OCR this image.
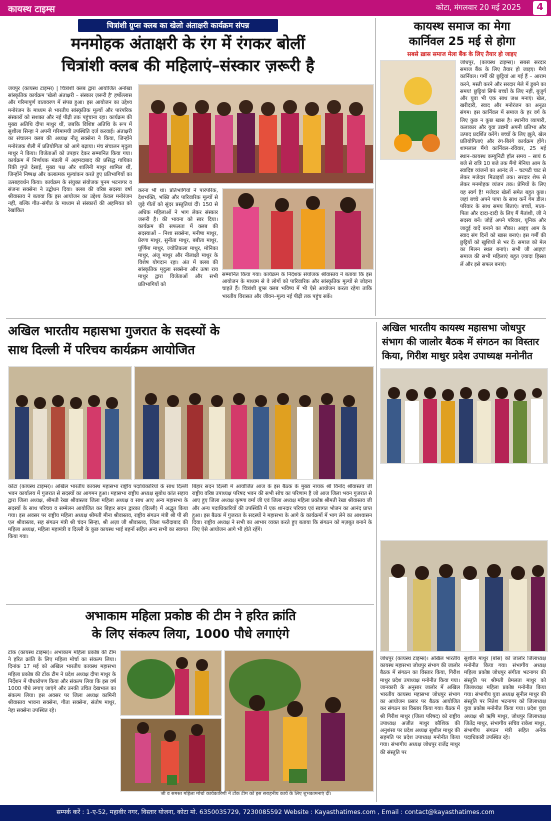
कायस्थ टाइम्स	कोटा, मंगलवार 20 मई 2025	4
चित्रांशी ग्रुप्स क्लब का खेलो अंताक्षरी कार्यक्रम संपन्न
मनमोहक अंताक्षरी के रंग में रंगकर बोलीं
चित्रांशी क्लब की महिलाएं–संस्कार ज़रूरी है
जयपुर (कायस्थ टाइम्स) | चित्रांशी क्लब द्वारा आयोजित अनोखा सांस्कृतिक कार्यक्रम 'खेलो अंताक्षरी – संस्कार ज़रूरी है' हर्षोल्लास और गरिमापूर्ण वातावरण में संपन्न हुआ। इस आयोजन का उद्देश्य मनोरंजन के माध्यम से भारतीय सांस्कृतिक मूल्यों और पारंपरिक संस्कारों को सशक्त और नई पीढ़ी तक पहुंचाना रहा। कार्यक्रम की मुख्य अतिथि दीपा माथुर थीं, जबकि विशिष्ट अतिथि के रूप में सुशीला सिन्हा ने अपनी गरिमामयी उपस्थिति दर्ज करवाई। अंताक्षरी का संचालन क्लब की अध्यक्ष नीतू सक्सेना ने किया, जिन्होंने मनोरंजक शैली में प्रतियोगिता को आगे बढ़ाया। मंच संचालन मृदुला माथुर ने किया। विजेताओं को उपहार देकर सम्मानित किया गया। कार्यक्रम में निर्णायक मंडली में अहमदाबाद की प्रसिद्ध गायिका रिंकी गुप्ते देसाई, मुख्य पक्ष और शालिनी माथुर शामिल थीं, जिन्होंने निष्पक्ष और कलात्मक मूल्यांकन करते हुए प्रतिभागियों का उत्साहवर्धन किया। कार्यक्रम के संयुक्त संयोजक पूनम भटनागर व संजना सक्सेना ने उद्बोधन दिया। क्लब की वरिष्ठ सदस्या वर्षा श्रीवास्तव ने बताया कि इस आयोजन का उद्देश्य केवल मनोरंजन नहीं, बल्कि गीत–संगीत के माध्यम से संस्कारों की अहमियत को रेखांकित
करना भी था। प्रतिभागियों ने पारंपरिक, देशभक्ति, भक्ति और पारिवारिक मूल्यों से जुड़े गीतों को सुंदर प्रस्तुतियां दीं। 150 से अधिक महिलाओं ने भाग लेकर संस्कार जरूरी है। की भावना को स्वर दिया। कार्यक्रम की सफलता में क्लब की सदस्याओं – निशा सक्सेना, मनीषा माथुर, प्रेरणा माथुर, सुनीता माथुर, बबीता माथुर, पूर्णिमा माथुर, ज्योतिकला माथुर, मोनिका माथुर, अंजू माथुर और नीलाक्षी माथुर के विशेष योगदान रहा। अंत में क्लब की सांस्कृतिक मृदुला सक्सेना और ऊषा राय माथुर द्वारा विजेताओं और सभी प्रतिभागियों को
सम्मानित किया गया। कार्यक्रम के निर्देशक संयोजक श्रीवास्तव ने बताया कि इस आयोजन के माध्यम से वे लोगों को पारिवारिक और सांस्कृतिक मूल्यों से जोड़ना चाहते हैं। चित्रांशी ग्रुप्स क्लब भविष्य में भी ऐसे आयोजन करता रहेगा ताकि भारतीय विरासत और जीवन–मूल्य नई पीढ़ी तक पहुंच सकें।
कायस्थ समाज का मेगा
कार्निवल 25 मई से होगा
सबसे ख़ास समाज मेला बैंक के लिए तैयार हो जाइए
जोधपुर, (कायस्थ टाइम्स)। सबसे सरदार समाज बैंक के लिए तैयार हो जाइए। मैगो कार्निवल। गर्मी की छुट्टियां आ गई हैं – आराम करने, मस्ती करने और सरदार मेले में डूबने का समय! छुट्टियां सिर्फ बच्चों के लिए नहीं, बुजुर्ग और युवा भी एक साथ जश्न मनाएं। खेल, खरीदारी, स्वाद और मनोरंजन का अनूठा संगम। इस कार्निवल में समाज के हर वर्ग के लिए कुछ न कुछ खास है। स्थानीय व्यापारी, कलाकार और युवा उद्यमी अपनी प्रतिभा और उत्पाद प्रदर्शित करेंगे। बच्चों के लिए झूले, खेल प्रतियोगिताएं और रंग-बिरंगे कार्यक्रम होंगे। शामलाल मैंगो कार्निवल–रविवार, 25 मई स्थान–कायस्थ कम्युनिटी हॉल समय – सायं 6 बजे से रात्रि 10 बजे तक मैंगो मेनिया आम के स्वादिष्ट व्यंजनों का आनंद लें – चटपटी चाट से लेकर मजेदार मिठाइयों तक। सरदार शेफ से लेकर मनमोहक व्यंजन तक। प्रेमियों के लिए यह स्वर्ग है! मजेदार खेलों समेत बहुत कुछ। जहां बच्चे अपने पापा के साथ कर्ने गेम डील। परिवार के साथ समय बिताएं। बच्चों, माता-पिता और दादा-दादी के लिए मैं मैतांशी, जी ने सदस्य बनें। जोड़ें अपने परिवार, यूनिक और जादुई यादें बनाने का मौका। आइए आम के स्वाद संग दिनों को खास बनाएं। इस गर्मी की छुट्टियों को खुशियों से भर दें। समाज को मेल का मिलन स्थल बनाएं। सभी जी आइए! समाज की सभी महिलाएं बहुत ज़्यादा हिस्सा लें और इसे सफल बनाएं।
अखिल भारतीय महासभा गुजरात के सदस्यों के
साथ दिल्ली में परिचय कार्यक्रम आयोजित
कोटा (कायस्थ टाइम्स)। अखिल भारतीय कायस्थ महासभा राष्ट्रीय पदाधिकारियों के साथ दिल्ली भवन कार्यालय में गुजरात से सदस्यों का आगमन हुआ। महासभा राष्ट्रीय अध्यक्ष सुबोध कांत सहाय द्वारा जिला अध्यक्ष, श्रीमती रेखा श्रीवास्तव जिला महिला अध्यक्ष व साथ आए अन्य महासभा के सदस्यों के साथ परिचय व सम्मेलन आयोजित कर बिहार सदन द्वारका (दिल्ली) में अद्भुत किया गया। इस अवसर पर राष्ट्रीय महिला अध्यक्ष श्रीमती मीना श्रीवास्तव, राष्ट्रीय संगठन मंत्री श्री पी सी एल श्रीवास्तव, सह संगठन मंत्री श्री चंदन सिन्हा, श्री अज़ा जी श्रीवास्तव, जिला फरीदाबाद की महिला अध्यक्ष, महिला महामंत्री व दिल्ली के कुछ कायस्थ भाई बहनों सहित अन्य सभी का स्वागत किया गया।
बिहार सदन दिल्ली में आयोजित आज के इस बैठक के मुख्य नायक श्री विनोद श्रीवास्तव जी राष्ट्रीय वरिष्ठ उपाध्यक्ष परिषद भवन की सभी सोच का परिणाम है जो आज जिला भवन गुजरात से आए हुए जिला अध्यक्ष कृष्णा वर्मा जी एवं जिला अध्यक्ष महिला प्रकोष्ठ श्रीमती रेखा श्रीवास्तव जी और अन्य पदाधिकारियों की उपस्थिति में एक शानदार परिचय एवं स्वागत भोजन का आनंद प्राप्त हुआ। इस बैठक में गुजरात के सदस्यों ने महासभा के आगे के कार्यक्रमों में भाग लेने का आश्वासन दिया। राष्ट्रीय अध्यक्ष ने सभी का आभार व्यक्त करते हुए बताया कि संगठन को मज़बूत बनाने के लिए ऐसे आयोजन आगे भी होते रहेंगे।
अखिल भारतीय कायस्थ महासभा जोधपुर
संभाग की जालोर बैठक में संगठन का विस्तार
किया, गिरीश माथुर प्रदेश उपाध्यक्ष मनोनीत
जोधपुर (कायस्थ टाइम्स)। अखिल भारतीय कायस्थ महासभा जोधपुर संभाग की जालोर बैठक में संगठन का विस्तार किया, गिरीश माथुर प्रदेश उपाध्यक्ष मनोनीत किया गया। जानकारी के अनुसार जालोर में अखिल भारतीय कायस्थ महासभा जोधपुर संभाग का आयोजन प्रसार पर बैठक आयोजित कर संगठन का विस्तार किया गया। बैठक में श्री गिरीश माथुर (जिला परिषद) को राष्ट्रीय उपाध्यक्ष अजीत माथुर कौशिक की अनुशंसा पर प्रदेश अध्यक्ष सुशील माथुर की सहमति पर प्रदेश उपाध्यक्ष मनोनीत किया गया। संभागीय अध्यक्ष जोधपुर राजेंद्र माथुर की संस्तुति पर
सुशील माथुर (बोस) को जालोर जिलाध्यक्ष मनोनीत किया गया। संभागीय अध्यक्ष महिला प्रकोष्ठ जोधपुर संगीता भटनागर की संस्तुति पर श्रीमती प्रेमलता माथुर को जिलाध्यक्ष महिला प्रकोष्ठ मनोनीत किया गया। संभागीय युवा अध्यक्ष सुनील माथुर की संस्तुति पर नितेश भटनागर को जिलाध्यक्ष युवा प्रकोष्ठ मनोनीत किया गया। प्रदेश युवा अध्यक्ष श्री ऋषि माथुर, जोधपुर जिलाध्यक्ष जितेंद्र माथुर, संभागीय सचिव राकेश माथुर, संभागीय संगठन मंत्री सहित अनेक पदाधिकारी उपस्थित रहे।
अभाकाम महिला प्रकोष्ठ की टीम ने हरित क्रांति
के लिए संकल्प लिया, 1000 पौधे लगाएंगे
टोंक (कायस्थ टाइम्स)। अभाकाम महिला प्रकोष्ठ की टीम ने हरित क्रांति के लिए महिला मोर्चा का संकल्प लिया। दिनांक 17 मई को अखिल भारतीय कायस्थ महासभा महिला प्रकोष्ठ की टोंक टीम ने प्रदेश अध्यक्ष दीपा माथुर के निर्देशन में पौधारोपण किया और संकल्प लिया कि इस वर्ष 1000 पौधे लगाए जाएंगे और उनकी उचित देखभाल का संकल्प लिया। इस अवसर पर जिला अध्यक्ष कामिनी श्रीवास्तव भावना सक्सेना, गीता सक्सेना, संतोष माथुर, नेहा सक्सेना उपस्थित रहे।
जी व समस्त महिला मोर्चा कार्यकारिणी ने टोंक टीम को इस सराहनीय कार्य के लिए शुभकामनाएं दीं।
सम्पर्क करें : 1-ए-52, महावीर नगर, विस्तार योजना, कोटा मो. 6350035729, 7230085592 Website : Kayasthatimes.com , Email : contact@kayasthatimes.com
